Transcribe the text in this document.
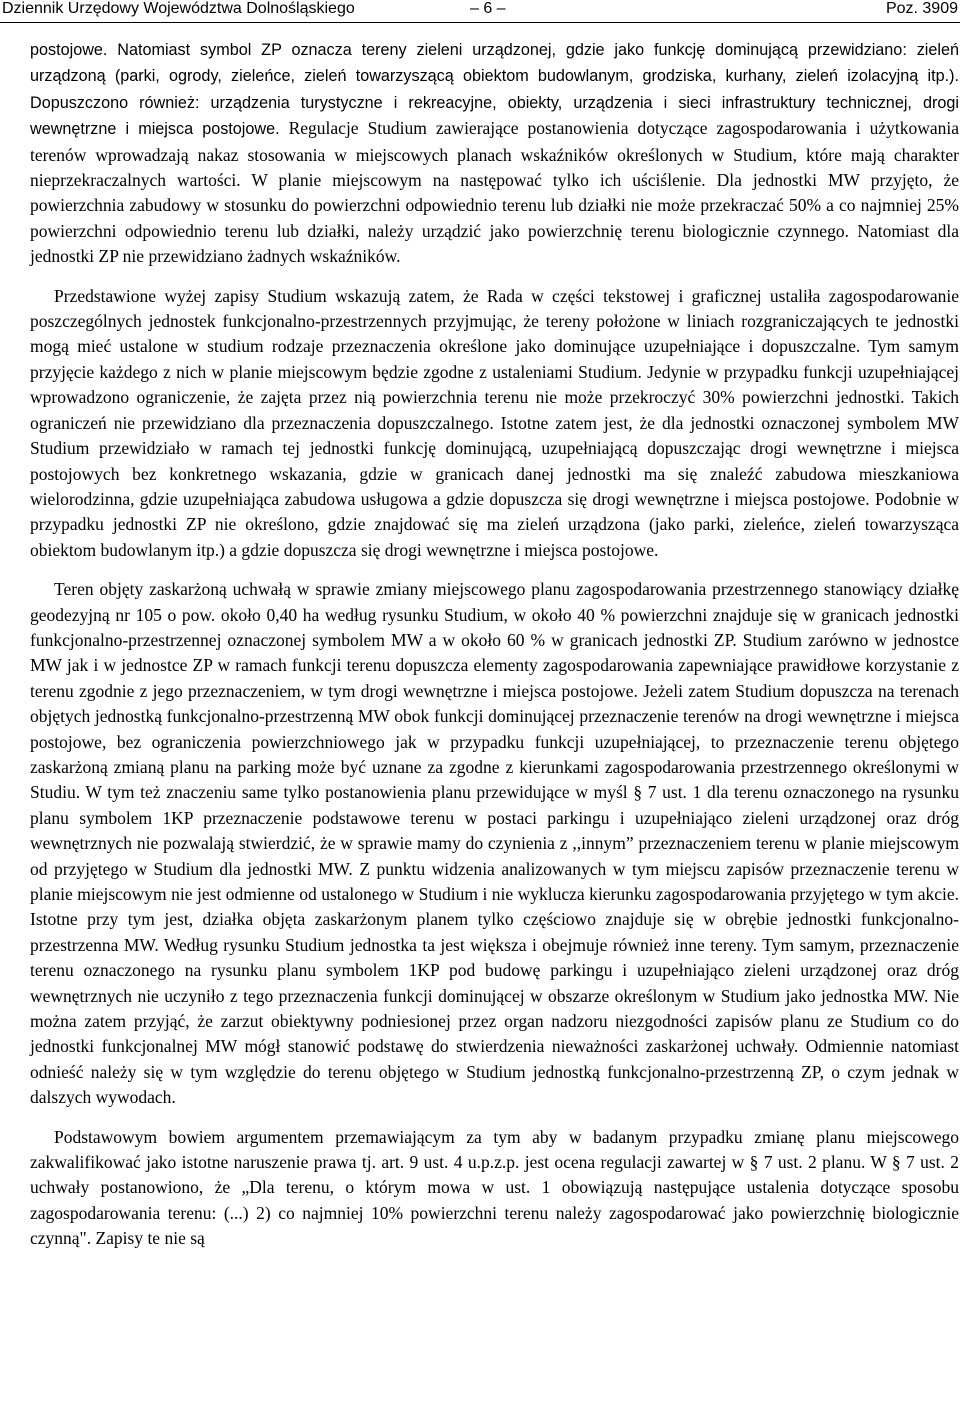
Dziennik Urzędowy Województwa Dolnośląskiego	– 6 –	Poz. 3909

postojowe. Natomiast symbol ZP oznacza tereny zieleni urządzonej, gdzie jako funkcję dominującą przewidziano: zieleń urządzoną (parki, ogrody, zieleńce, zieleń towarzyszącą obiektom budowlanym, grodziska, kurhany, zieleń izolacyjną itp.). Dopuszczono również: urządzenia turystyczne i rekreacyjne, obiekty, urządzenia i sieci infrastruktury technicznej, drogi wewnętrzne i miejsca postojowe. Regulacje Studium zawierające postanowienia dotyczące zagospodarowania i użytkowania terenów wprowadzają nakaz stosowania w miejscowych planach wskaźników określonych w Studium, które mają charakter nieprzekraczalnych wartości. W planie miejscowym na następować tylko ich uściślenie. Dla jednostki MW przyjęto, że powierzchnia zabudowy w stosunku do powierzchni odpowiednio terenu lub działki nie może przekraczać 50% a co najmniej 25% powierzchni odpowiednio terenu lub działki, należy urządzić jako powierzchnię terenu biologicznie czynnego. Natomiast dla jednostki ZP nie przewidziano żadnych wskaźników.

Przedstawione wyżej zapisy Studium wskazują zatem, że Rada w części tekstowej i graficznej ustaliła zagospodarowanie poszczególnych jednostek funkcjonalno-przestrzennych przyjmując, że tereny położone w liniach rozgraniczających te jednostki mogą mieć ustalone w studium rodzaje przeznaczenia określone jako dominujące uzupełniające i dopuszczalne. Tym samym przyjęcie każdego z nich w planie miejscowym będzie zgodne z ustaleniami Studium. Jedynie w przypadku funkcji uzupełniającej wprowadzono ograniczenie, że zajęta przez nią powierzchnia terenu nie może przekroczyć 30% powierzchni jednostki. Takich ograniczeń nie przewidziano dla przeznaczenia dopuszczalnego. Istotne zatem jest, że dla jednostki oznaczonej symbolem MW Studium przewidziało w ramach tej jednostki funkcję dominującą, uzupełniającą dopuszczając drogi wewnętrzne i miejsca postojowych bez konkretnego wskazania, gdzie w granicach danej jednostki ma się znaleźć zabudowa mieszkaniowa wielorodzinna, gdzie uzupełniająca zabudowa usługowa a gdzie dopuszcza się drogi wewnętrzne i miejsca postojowe. Podobnie w przypadku jednostki ZP nie określono, gdzie znajdować się ma zieleń urządzona (jako parki, zieleńce, zieleń towarzysząca obiektom budowlanym itp.) a gdzie dopuszcza się drogi wewnętrzne i miejsca postojowe.

Teren objęty zaskarżoną uchwałą w sprawie zmiany miejscowego planu zagospodarowania przestrzennego stanowiący działkę geodezyjną nr 105 o pow. około 0,40 ha według rysunku Studium, w około 40 % powierzchni znajduje się w granicach jednostki funkcjonalno-przestrzennej oznaczonej symbolem MW a w około 60 % w granicach jednostki ZP. Studium zarówno w jednostce MW jak i w jednostce ZP w ramach funkcji terenu dopuszcza elementy zagospodarowania zapewniające prawidłowe korzystanie z terenu zgodnie z jego przeznaczeniem, w tym drogi wewnętrzne i miejsca postojowe. Jeżeli zatem Studium dopuszcza na terenach objętych jednostką funkcjonalno-przestrzenną MW obok funkcji dominującej przeznaczenie terenów na drogi wewnętrzne i miejsca postojowe, bez ograniczenia powierzchniowego jak w przypadku funkcji uzupełniającej, to przeznaczenie terenu objętego zaskarżoną zmianą planu na parking może być uznane za zgodne z kierunkami zagospodarowania przestrzennego określonymi w Studiu. W tym też znaczeniu same tylko postanowienia planu przewidujące w myśl § 7 ust. 1 dla terenu oznaczonego na rysunku planu symbolem 1KP przeznaczenie podstawowe terenu w postaci parkingu i uzupełniająco zieleni urządzonej oraz dróg wewnętrznych nie pozwalają stwierdzić, że w sprawie mamy do czynienia z ,,innym” przeznaczeniem terenu w planie miejscowym od przyjętego w Studium dla jednostki MW. Z punktu widzenia analizowanych w tym miejscu zapisów przeznaczenie terenu w planie miejscowym nie jest odmienne od ustalonego w Studium i nie wyklucza kierunku zagospodarowania przyjętego w tym akcie. Istotne przy tym jest, działka objęta zaskarżonym planem tylko częściowo znajduje się w obrębie jednostki funkcjonalno-przestrzenna MW. Według rysunku Studium jednostka ta jest większa i obejmuje również inne tereny. Tym samym, przeznaczenie terenu oznaczonego na rysunku planu symbolem 1KP pod budowę parkingu i uzupełniająco zieleni urządzonej oraz dróg wewnętrznych nie uczyniło z tego przeznaczenia funkcji dominującej w obszarze określonym w Studium jako jednostka MW. Nie można zatem przyjąć, że zarzut obiektywny podniesionej przez organ nadzoru niezgodności zapisów planu ze Studium co do jednostki funkcjonalnej MW mógł stanowić podstawę do stwierdzenia nieważności zaskarżonej uchwały. Odmiennie natomiast odnieść należy się w tym względzie do terenu objętego w Studium jednostką funkcjonalno-przestrzenną ZP, o czym jednak w dalszych wywodach.

Podstawowym bowiem argumentem przemawiającym za tym aby w badanym przypadku zmianę planu miejscowego zakwalifikować jako istotne naruszenie prawa tj. art. 9 ust. 4 u.p.z.p. jest ocena regulacji zawartej w § 7 ust. 2 planu. W § 7 ust. 2 uchwały postanowiono, że „Dla terenu, o którym mowa w ust. 1 obowiązują następujące ustalenia dotyczące sposobu zagospodarowania terenu: (...) 2) co najmniej 10% powierzchni terenu należy zagospodarować jako powierzchnię biologicznie czynną". Zapisy te nie są
